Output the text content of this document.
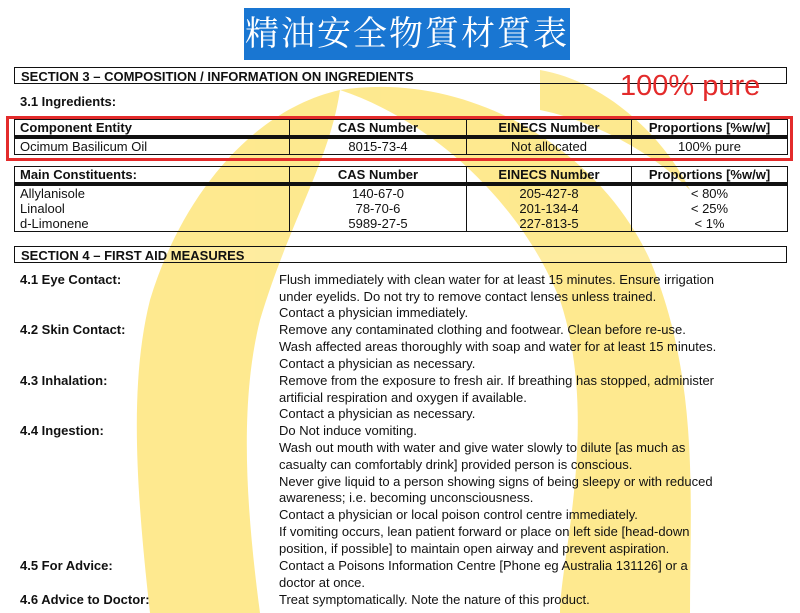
精油安全物質材質表
SECTION 3 – COMPOSITION / INFORMATION ON INGREDIENTS
3.1 Ingredients:	100% pure
Component Entity	CAS Number	EINECS Number	Proportions [%w/w]
Ocimum Basilicum Oil	8015-73-4	Not allocated	100% pure
Main Constituents:	CAS Number	EINECS Number	Proportions [%w/w]
Allylanisole	140-67-0	205-427-8	< 80%
Linalool	78-70-6	201-134-4	< 25%
d-Limonene	5989-27-5	227-813-5	< 1%
SECTION 4 – FIRST AID MEASURES
4.1 Eye Contact:	Flush immediately with clean water for at least 15 minutes. Ensure irrigation
under eyelids. Do not try to remove contact lenses unless trained.
Contact a physician immediately.
4.2 Skin Contact:	Remove any contaminated clothing and footwear. Clean before re-use.
Wash affected areas thoroughly with soap and water for at least 15 minutes.
Contact a physician as necessary.
4.3 Inhalation:	Remove from the exposure to fresh air. If breathing has stopped, administer
artificial respiration and oxygen if available.
Contact a physician as necessary.
4.4 Ingestion:	Do Not induce vomiting.
Wash out mouth with water and give water slowly to dilute [as much as
casualty can comfortably drink] provided person is conscious.
Never give liquid to a person showing signs of being sleepy or with reduced
awareness; i.e. becoming unconsciousness.
Contact a physician or local poison control centre immediately.
If vomiting occurs, lean patient forward or place on left side [head-down
position, if possible] to maintain open airway and prevent aspiration.
4.5 For Advice:	Contact a Poisons Information Centre [Phone eg Australia 131126] or a
doctor at once.
4.6 Advice to Doctor:	Treat symptomatically. Note the nature of this product.
